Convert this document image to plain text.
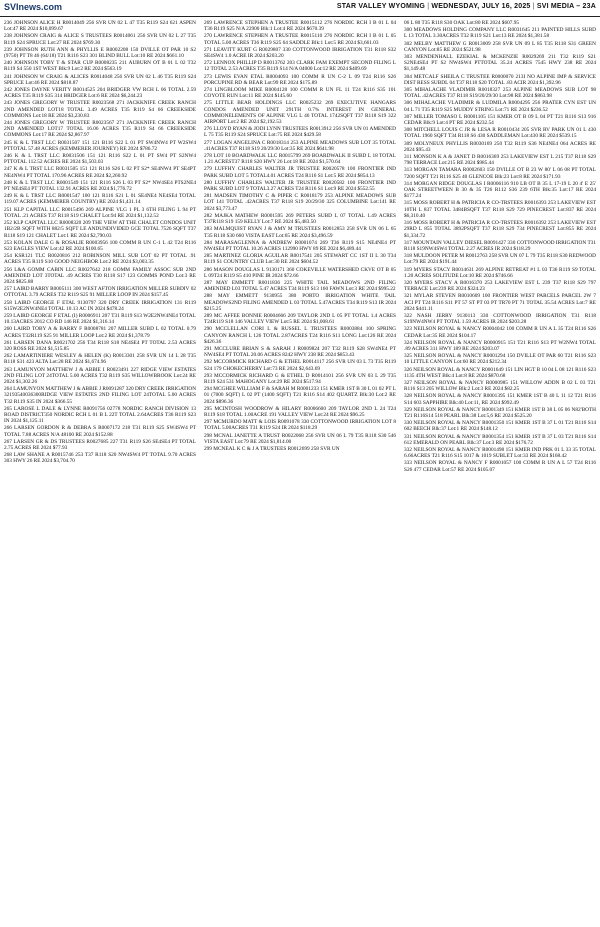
SVInews.com	STAR VALLEY WYOMING | WEDNESDAY, JULY 16, 2025 | SVI MEDIA – 23A
236 JOHNSON ALICE H R0014049 256 SVR UN 02 L 47 T35 R119 S24 621 ASPEN Lot:47 RE 2024 $10,099.67
238 JOHNSON CRAIG & ALICE S TRUSTEES R0014061 256 SVR UN 02 L 27 T35 R119 S24 SPRUCE Lot:27 RE 2024 $769.30
239 JOHNSON RUTH ANN & PHYLLIS E R0002208 150 DVILLE OT PAR 10 S2 (9750) PT T8 46 (64/18) T21 R116 S23 301 BLIND BULL Lot:10 RE 2024 $661.10
240 JOHNSON TOBY T & STAR CUP R0008235 211 AUBURN OT B 01 L 02 T32 R119 S4 550 1ST WEST Blk:9 Lot:2 RE 2024 $563.19
241 JOHNSON W CRAIG & ALICES R0014048 256 SVR UN 02 L 46 T35 R119 S24 SPRUCE Lot:46 RE 2024 $818.87
242 JONES DAYNE VERITY R0014525 204 BRIDGER VW RCH L 06 TOTAL 2.59 ACRES T35 R119 S35 314 BRIDGER Lot:6 RE 2024 $6,244.23
243 JONES GREGORY W TRUSTEE R0023568 271 JACKKNIFE CREEK RANCH 2ND AMENDED LOT18 TOTAL 3.49 ACRES T35 R119 S4 66 CREEKSIDE COMMONS Lot:18 RE 2024 $3,230.83
244 JONES GREGORY W TRUSTEE R0023567 271 JACKKNIFE CREEK RANCH 2ND AMENDED LOT17 TOTAL 16.06 ACRES T35 R119 S4 66 CREEKSIDE COMMONS Lot:17 RE 2024 $2,867.97
245 K & L TRST LLC R0031507 151 121 B116 S22 L 01 PT SW4NW4 PT W2SW4 PTTOTAL 57.48 ACRES (KEMMERER JOURNEY) RE 2024 $786.72
246 K & L TRST LLC R0031506 151 121 R116 S22 L 01 PT SW4 PT S2NW4 PTTOTAL 112.52 ACRES RE 2024 $1,503.03
247 K & L TRST LLC R0031505 151 121 R116 S26 L 02 PT S2* SE4NW4 PT SE4PT NE4NW4 PT TOTAL 170.96 ACRES RE 2024 $2,260.92
248 K & L TRST LLC R0001549 151 121 R116 S26 L 03 PT S2* NW4SE4 PTS2NE4 PT NE4SE4 PT TOTAL 132.91 ACRES RE 2024 $1,776.72
249 K & L TRST LLC R0001547 100 121 R116 S21 L 01 SE4NE4 NE4SE4 TOTAL 119.07 ACRES (KEMMERER COUNTRY) RE 2024 $1,431.14
251 KLP CAPITAL LLC R0015496 269 ALPINE VLG 1 PL 3 6TH FILING L 94 PT TOTAL .21 ACRES T37 R118 S19 CHALET Lot:94 RE 2024 $1,132.52
252 KLP CAPITAL LLC R0008320 209 THE VIEW AT THE CHALET CONDOS UNIT 1B2/2B SQFT WITH 882/5 SQFT LE ANDUNDIVIDED GCE TOTAL 7526 SQFT T37 R118 S19 121 CHALET Lot:1 RE 2024 $2,790.03
253 KOLAN DALE G & ROSALIE R0003956 100 COMM R UN C-1 L 42 T24 R116 S23 EAGLES VIEW Lot:42 RE 2024 $100.65
254 KSR121 TLC R0020816 212 ROBINSON MILL SUB LOT 02 PT TOTAL .91 ACRES T35 R119 S10 GOOD NEIGHBOR Lot:2 RE 2024 $3,003.35
256 L&A GOMM CABIN LLC R0027642 218 GOMM FAMILY ASSOC SUB 2ND AMENDED LOT 3TOTAL .49 ACRES T30 R118 S17 123 GOMMS POND Lot:3 RE 2024 $825.88
257 LAIRD BARRY R0005111 300 WEST AFTON IRRIGATION MILLER SUBDIV 02 OTTOTAL 3.79 ACRES T32 R119 S25 91 MILLER LOOP IN 2024 $157.45
258 LAIRD GEORGE F ETAL 9130797 320 DRY CREEK IRRIGATION 131 R119 S15W2E2NW4NE4 TOTAL 10.13 AC IN 2024 $478.24
259 LAIRD GEORGE F ETAL (I) R0006911 207 T31 R119 S13 W2E2NW4NE4 TOTAL 10.13ACRES 2012 CO RD 146 RE 2024 $1,316.14
260 LAIRD TOBY A & BARRY F R0008781 207 MILLER SUBD L 02 TOTAL 0.79 ACRES T32R119 S25 91 MILLER LOOP Lot:2 RE 2024 $1,378.79
261 LARSEN DANA R0021702 256 T34 R118 S18 NE4SE4 PT TOTAL 2.53 ACRES 320 ROSS RE 2024 $1,515.85
262 LAMARTINIERE WESLEY & HELEN (K) R0013301 258 SVR UN 14 L 28 T35 R118 S31 423 ALTA Lot:28 RE 2024 $1,674.96
263 LAMUNYON MATTHEW J & ABBIE I R0023491 227 RIDGE VIEW ESTATES 2ND FILING LOT 24TOTAL 5.00 ACRES T32 R119 S35 WILLOWBROOK Lot:24 RE 2024 $1,302.26
264 LAMUNYON MATTHEW J & ABBIE J R0091287 320 DRY CREEK IRRIGATION 32193540036300RIDGE VIEW ESTATES 2ND FILING LOT 24TOTAL 5.00 ACRES T32 R119 S35 IN 2024 $366.55
265 LAROSE L DALE & LYNNE R0091756 02778 NORDIC RANCH DIVISION 13 ROAD DISTRICT350 NORDIC RCH L 01 B L 22T TOTAL 2.64ACRES T36 R119 S23 IN 2024 $1,125.11
266 LARSEN GORDON R & DEBRA S R0007172 218 T31 R119 S25 SW4SW4 PT TOTAL 7.88 ACRES N/A 48100 RE 2024 $152.88
267 LARSEN GR & DS TRUSTEES R0027685 227 T31 R119 S26 SE4SE4 PT TOTAL 2.75 ACRES RE 2024 $77.93
268 LAW SHANE A R0015746 253 T37 R118 S20 NW4SW4 PT TOTAL 9.70 ACRES 303 HWY 26 RE 2024 $3,704.70
269 LAWRENCE STEPHEN A TRUSTEE R0015112 276 NORDIC RCH I B 01 L 04 T36 R119 S25 N/A 22900 Blk:1 Lot:4 RE 2024 $670.39
270 LAWRENCE STEPHEN A TRUSTEE R0015110 276 NORDIC RCH I B 01 L 05 TOTAL 5.00 ACRES T36 R119 S25 64 SADDLE Blk:1 Lot:5 RE 2024 $3,661.03
271 LEAVITT KURT G R0029807 330 COTTONWOOD IRRIGATION T31 R118 S32 SE4SW4 1.0 ACRE IR 2024 $203.20
272 LENNOX PHILLIP D R0013762 203 CLARK FAM EXEMPT SECOND FILING L 12 TOTAL 2.53 ACRES T35 R119 S14 N/A 04000 Lot:12 RE 2024 $409.69
273 LEWIS EVAN ETAL R0004093 100 COMM R UN C-2 L 09 T24 R116 S26 PORCUPINE RD & BEAR Lot:99 RE 2024 $175.89
274 LINGBLOOM MIKE R0004128 100 COMM R UN FL 11 T24 R116 S35 101 COYOTE RUN Lot:11 RE 2024 $145.60
275 LITTLE BEAR HOLDINGS LLC R0025232 269 EXECUTIVE HANGARS CONDOS AMENDED UNIT 291TH 0.7% INTEREST IN GENERAL COMMONELEMENTS OF ALPINE VLG L 46 TOTAL 1742SQFT T37 R118 S19 322 AIRPORT Lot:2 RE 2024 $2,192.53
276 LLOYD RYAN & JODI LYNN TRUSTEES R0013912 256 SVR UN 01 AMENDED L 75 T35 R119 S24 SPRUCE Lot:75 RE 2024 $429.58
277 LOGAN ANGELINA C R0018314 253 ALPINE MEADOWS SUB LOT 35 TOTAL .41ACRES T37 R118 S19 20/29/30 Lot:35 RE 2024 $641.98
278 LOT 10 BOARDWALK LLC R0015799 269 BOARDWALK II SUBD L 18 TOTAL 1.21 ACREST37 R118 S20 HWY 26 Lot:18 RE 2024 $1,570.64
279 LUFFHY CHARLES WALTER JR TRUSTEE R0020578 100 FRONTIER IND PARK SUBD LOT 5 TOTAL4.01 ACRES T24 R116 S1 Lot:5 RE 2024 $854.13
280 LUFFHY CHARLES WALTER JR TRUSTEE R0020582 100 FRONTIER IND PARK SUBD LOT 9 TOTAL3.27 ACRES T24 R116 S1 Lot:9 RE 2024 $552.55
281 MADSEN TIMOTHY C & PIPER C R0018179 253 ALPINE MEADOWS SUB LOT 141 TOTAL .42ACRES T37 R118 S19 20/29/30 325 COLUMBINE Lot:141 RE 2024 $3,773.47
282 MAJKA MATHEW R0001595 269 PETERS SUBD L 07 TOTAL 1.49 ACRES T37R118 S19 159 KELLY Lot:7 RE 2024 $5,483.50
283 MALMQUIST RYAN J & AMY M TRUSTEES R0012853 258 SVR UN 06 L 65 T35 R118 S30 660 VISTA EAST Lot:65 RE 2024 $3,496.59
284 MARASAGLENNA & ANDREW R0001074 269 T36 R119 S15 NE4NE4 PT NW4SE4 PT TOTAL 10.26 ACRES 112990 HWY 89 RE 2024 $6,489.44
285 MARTINEZ GLORIA AGUILAR R0017541 205 STEWART CC 1ST II L 30 T34 R119 S1 COUNTRY CLUB Lot:30 RE 2024 $604.52
286 MASON DOUGLAS L 9130171 360 COKEVILLE WATERSHED CKVE OT B 05 L 09T24 R119 S5 410 PINE IR 2024 $72.66
287 MAY EMMETT R0011836 225 WHITE TAIL MEADOWS 2ND FILING AMENDED L03 TOTAL 5.47 ACRES T34 R119 S13 160 FAWN Lot:3 RE 2024 $995.22
288 MAY EMMETT 9130955 380 PORTO IRRIGATION WHITE TAIL MEADOWS2ND FILING AMENDED L 03 TOTAL 5.47ACRES T34 R119 S13 IR 2024 $215.25
289 MC AFFEE BONNIE R0004666 209 TAYLOR 2ND L 05 PT TOTAL 1.4 ACRES T24R119 S18 146 VALLEY VIEW Lot:5 RE 2024 $1,008.61
290 MCCLELLAN CORI L & RUSSEL L TRUSTEES R0003884 100 SPRING CANYON RANCH L 126 TOTAL 2.87ACRES T24 R116 S11 LONG Lot:126 RE 2024 $426.36
291 MCCLURE BRIAN S & SARAH J R0009824 207 T32 R119 S28 SW4NE4 PT NW4SE4 PT TOTAL 20.06 ACRES 8242 HWY 238 RE 2024 $853.43
292 MCCORMICK RICHARD G & ETHEL R0014117 256 SVR UN 03 L 73 T35 R119 S24 179 CHOKECHERRY Lot:73 RE 2024 $2,643.69
293 MCCORMICK RICHARD G & ETHEL D R0014101 256 SVR UN 03 L 29 T35 R119 S24 531 MAHOGANY Lot:29 RE 2024 $517.94
294 MCGHEE WILLIAM F & SARAH M R0001233 151 KMER 1ST B 30 L 01 02 PT L 01 (7000 SQFT) L 02 PT (1400 SQFT) T21 R116 S14 402 QUARTZ Blk:30 Lot:2 RE 2024 $896.36
295 MCINTOSH WOODROW & HILARY R0006600 209 TAYLOR 2ND L 24 T24 R119 S18 TOTAL 1.00ACRE 191 VALLEY VIEW Lot:24 RE 2024 $96.25
297 MCMURDO MATT & LOIS R0091078 330 COTTONWOOD IRRIGATION LOT 8 TOTAL 5.00ACRES T31 R119 S24 IR 2024 $118.29
298 MCNAL JANETTE A TRUST R0022068 256 SVR UN 06 L 79 T35 R118 S30 546 VISTA EAST Lot:79 RE 2024 $1,814.00
299 MCNEAL K C & J A TRUSTEES R0012699 258 SVR UN
06 L 80 T35 R118 S30 OAK Lot:80 RE 2024 $607.95
300 MEADOWS HOLDING COMPANY LLC R0031645 211 PAINTED HILLS SUBD L 13 TOTAL 3.30ACRES T32 R119 S21 Lot:13 RE 2024 $1,381.58
302 MELBY MATTHEW G R0013009 258 SVR UN 09 L 85 T35 R118 S31 GREEN CANYON Lot:85 RE 2024 $521.98
303 MENDENHALL EZEKIAL & MCKENZIE R0029269 211 T32 R119 S21 S2NE4SE4 PT S2 NW4SW4 PTTOTAL 35.24 ACRES 7545 HWY 238 RE 2024 $1,149.48
304 METCALF SHEILA C TRUSTEE R0000070 213I NO ALPINE IMP & SERVICE DIST RESS SUBDL 04 T37 R118 S20 TOTAL .83 ACIR 2024 $1,392.96
305 MIHALACHE VLADIMIR R0018327 253 ALPINE MEADOWS SUB LOT 98 TOTAL .42ACRES T37 R118 S19/20/29/30 Lot:98 RE 2024 $863.98
306 MIHALACHE VLADIMIR & LUDMILA R0004295 256 PRATER CYN EST UN 04 L 71 T35 R119 S25 MUDDY STRING Lot:71 RE 2024 $236.52
307 MILLER TOMASO L R0001105 151 KMER OT B 09 L 04 PT T21 R116 S13 916 CEDAR Blk:9 Lot:4 PT RE 2024 $232.54
308 MITCHELL LOUIS C JR & LESA R R0010434 205 SVR RV PARK UN 01 L 430 TOTAL 1960 SQFT T34 R118 S6 430 SADDLEMAN Lot:430 RE 2024 $539.15
309 MOLYNEUX PHYLLIS R0030169 250 T32 R119 S36 NE4NE4 064 ACRES RE 2024 $95.43
311 MONSON K A & JANET D R0016369 253 LAKEVIEW EST L 215 T37 R118 S29 798 TERRACE Lot:215 RE 2024 $985.44
313 MORGAN TAMARA R0002603 150 DVILLE OT B 23 W 80' L 06 08 PT TOTAL 7200 SQFT T21 R116 S25 40 GLENCOE Blk:23 Lot:8 RE 2024 $171.93
314 MORGAN RIDGE DOUGLAS I R0006116 910 LB OT B 35 L 17-19 L 20 4' E 25' OAK STREETWEEN B 30 & 35 T26 R112 S36 239 6TH Blk:35 Lot:17 RE 2024 $177.24
315 MOSS ROBERT H & PATRICIA R CO-TRSTEES R0016393 253 LAKEVIEW EST 10TH L 837 TOTAL 3484BSQFT T37 R118 S29 729 PINECREST Lot:837 RE 2024 $6,310.40
316 MOSS ROBERT H & PATRICIA R CO-TRSTEES R0016392 253 LAKEVIEW EST 29RD L 855 TOTAL 3892PSQFT T37 R118 S29 734 PINECREST Lot:855 RE 2024 $1,334.72
317 MOUNTAIN VALLEY DIESEL R0091427 330 COTTONWOOD IRRIGATION T31 R118 S19NW4SW4 TOTAL 2.27 ACRES IR 2024 $118.29
318 MULDOON PETER M R0012763 258 SVR UN 07 L 79 T35 R118 S30 REDWOOD Lot:79 RE 2024 $191.44
319 MYERS STACY R0014631 269 ALPINE RETREAT #1 L 03 T36 R119 S9 TOTAL 1.20 ACRES SOLITUDE Lot:10 RE 2024 $746.66
320 MYERS STACY A R0016370 253 LAKEVIEW EST L 239 T37 R118 S29 797 TERRACE Lot:239 RE 2024 $324.23
321 MYLAR STEVEN R0010609 100 FRONTIER WEST PARCELS PARCEL 2W 7 ACI PT T24 R116 S11 PT 57 ST PT 03 PT TR70 PT 71 TOTAL 35.54 ACRES Lot:7 RE 2024 $441.11
322 NASH JERRY 9130113 330 COTTONWOOD IRRIGATION T31 R118 S19NW4NW4 PT TOTAL 1.59 ACRES IR 2024 $203.28
323 NEILSON ROYAL & NANCY R0004042 100 COMM R UN A L 35 T24 R116 S26 CEDAR Lot:35 RE 2024 $104.17
324 NEILSON ROYAL & NANCY R0000915 151 T21 R116 S13 PT W2NW4 TOTAL .89 ACRES 311 HWY 189 RE 2024 $203.07
325 NEILSON ROYAL & NANCY R0001294 150 DVILLE OT PAR 60 T21 R116 S23 10 LITTLE CANYON Lot:60 RE 2024 $212.34
326 NEILSON ROYAL & NANCY R0001649 151 LIN HGT B 10 04 L 08 121 R116 S23 1135 4TH WEST Blk:4 Lot:8 RE 2024 $870.68
327 NEILSON ROYAL & NANCY R0000985 151 WILLOW ADDN B 02 L 03 T21 R116 S13 205 WILLOW Blk:2 Lot:3 RE 2024 $82.25
328 NEILSON ROYAL & NANCY R0001395 151 KMER 1ST B 40 L 11 12 T21 R116 S14 603 SAPPHIRE Blk:40 Lot:11, RE 2024 $992.49
329 NEILSON ROYAL & NANCY R0001349 151 KMER 1ST B 38 L 05 06 N82'BOTH T21 R116S14 518 PEARL Blk:38 Lot:5,6 RE 2024 $525.20
330 NEILSON ROYAL & NANCY R0001350 151 KMER 1ST B 37 L 01 T21 R116 S14 602 BEECH Blk:37 Lot:1 RE 2024 $148.12
331 NEILSON ROYAL & NANCY R0001354 151 KMER 1ST B 37 L 03 T21 R116 S14 612 EMERALD ON PEARL Blk:37 Lot:3 RE 2024 $176.72
332 NEILSON ROYAL & NANCY R0001498 151 KMER IND PRK 01 L 33 35 TOTAL 6.66ACRES T21 R116 S15 1017 & 1019 SUBLET Lot:33 RE 2024 $168.42
333 NEILSON ROYAL & NANCY F R0001057 100 COMM R UN A L 57 T24 R116 S26 477 CEDAR Lot:57 RE 2024 $105.07
